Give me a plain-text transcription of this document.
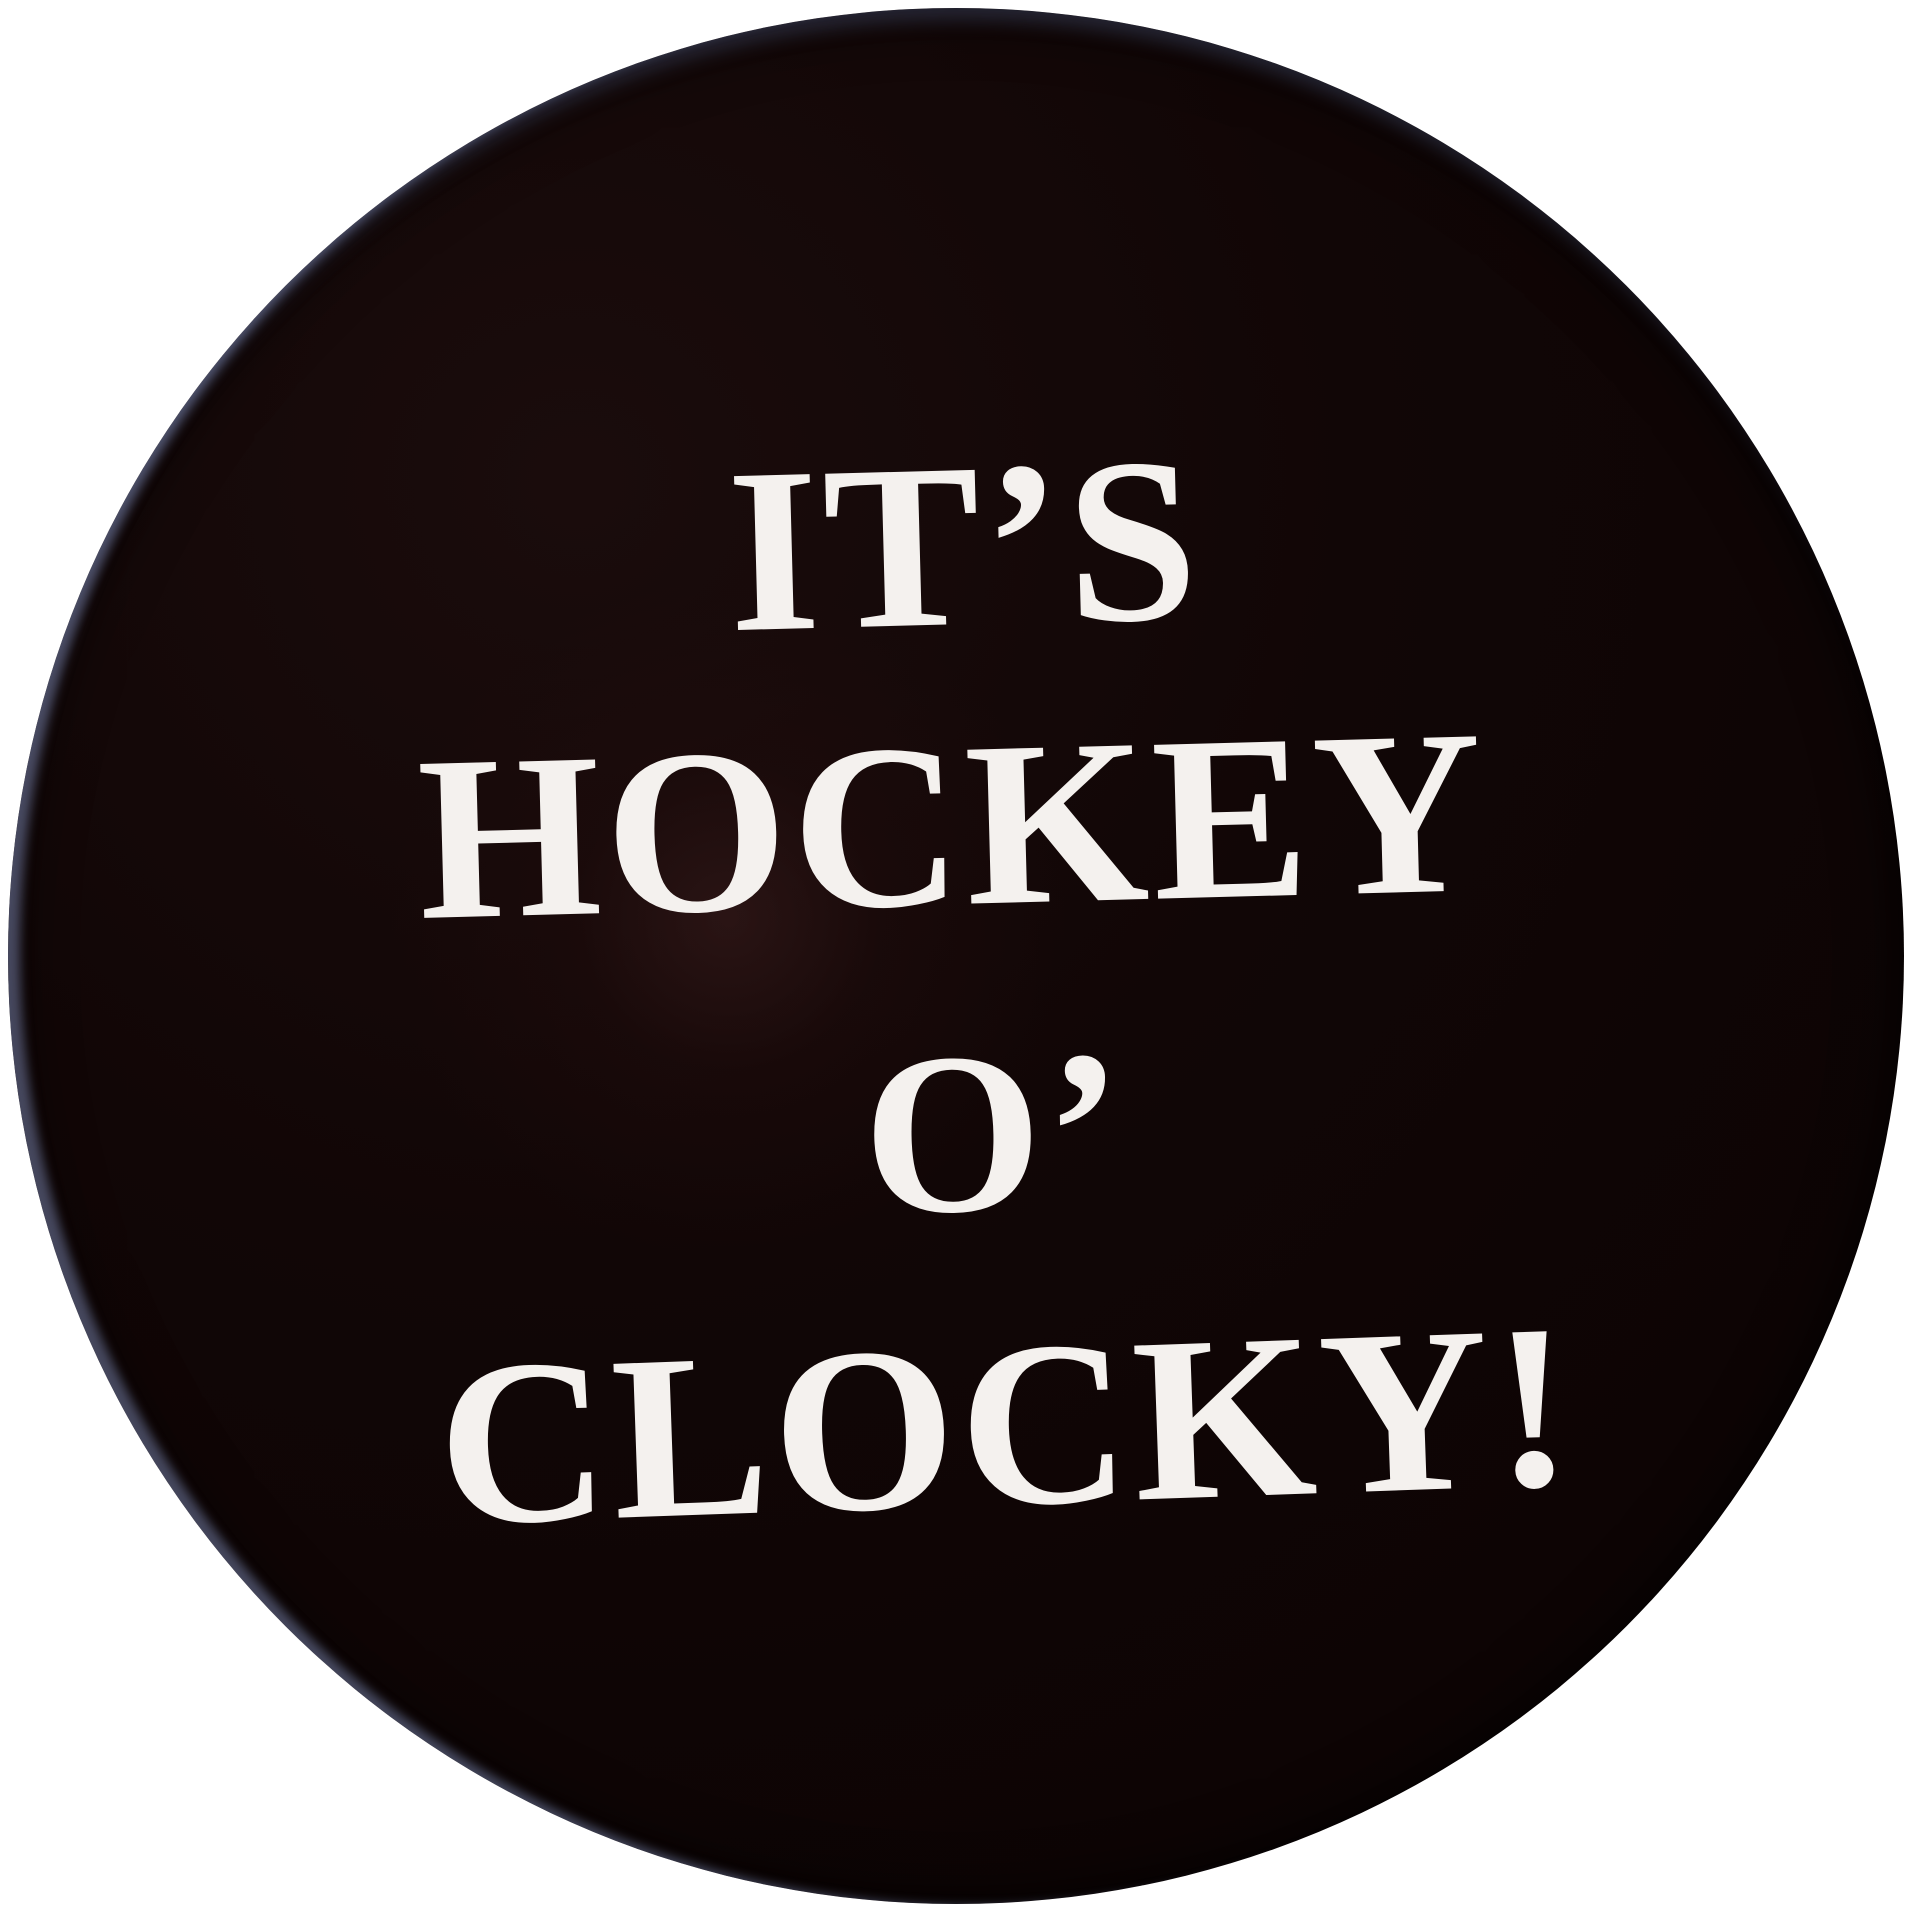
IT’S
HOCKEY
O’
CLOCKY!
